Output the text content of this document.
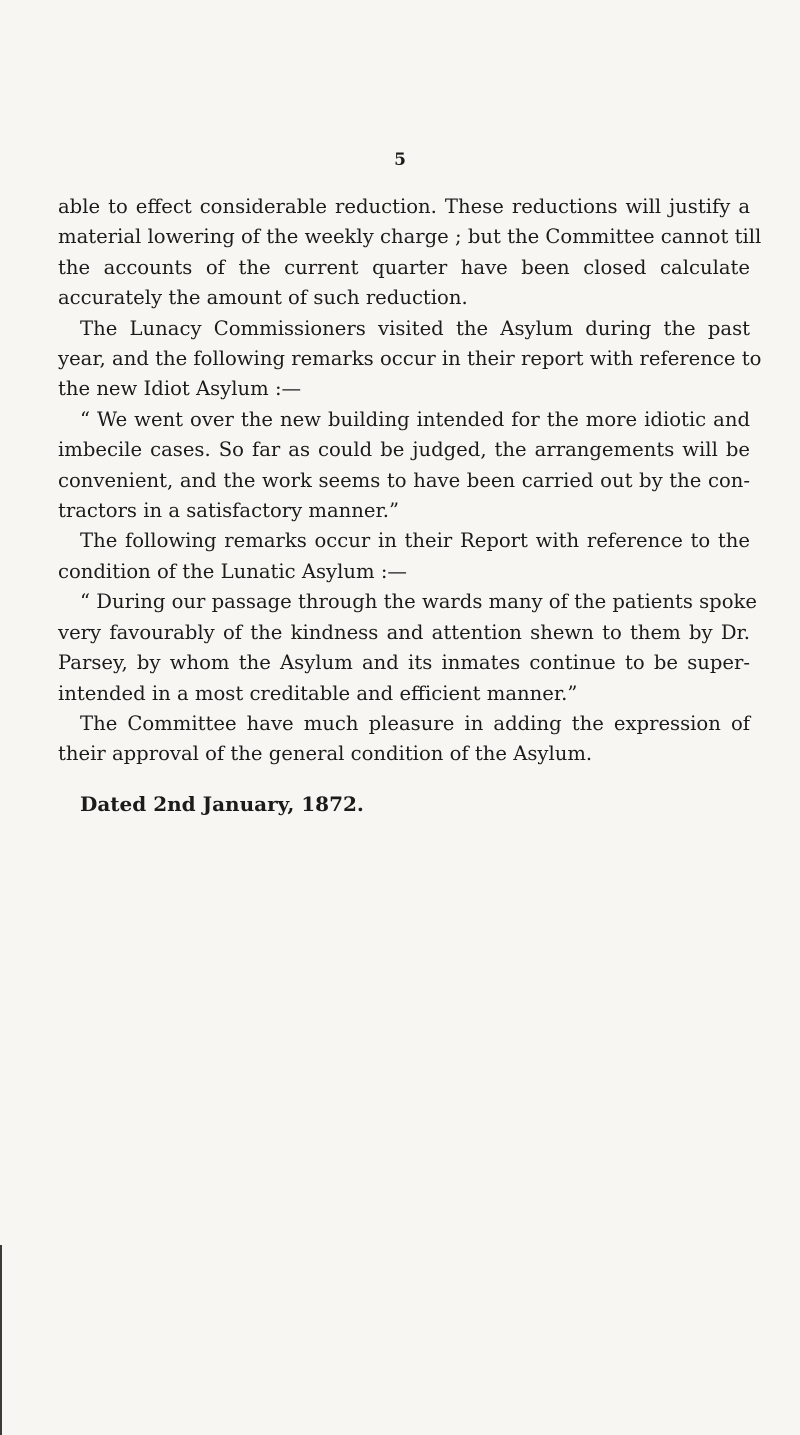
5
able to effect considerable reduction. These reductions will justify a
material lowering of the weekly charge ; but the Committee cannot till
the accounts of the current quarter have been closed calculate
accurately the amount of such reduction.
The Lunacy Commissioners visited the Asylum during the past
year, and the following remarks occur in their report with reference to
the new Idiot Asylum :—
“ We went over the new building intended for the more idiotic and
imbecile cases. So far as could be judged, the arrangements will be
convenient, and the work seems to have been carried out by the con-
tractors in a satisfactory manner.”
The following remarks occur in their Report with reference to the
condition of the Lunatic Asylum :—
“ During our passage through the wards many of the patients spoke
very favourably of the kindness and attention shewn to them by Dr.
Parsey, by whom the Asylum and its inmates continue to be super-
intended in a most creditable and efficient manner.”
The Committee have much pleasure in adding the expression of
their approval of the general condition of the Asylum.
Dated 2nd January, 1872.
